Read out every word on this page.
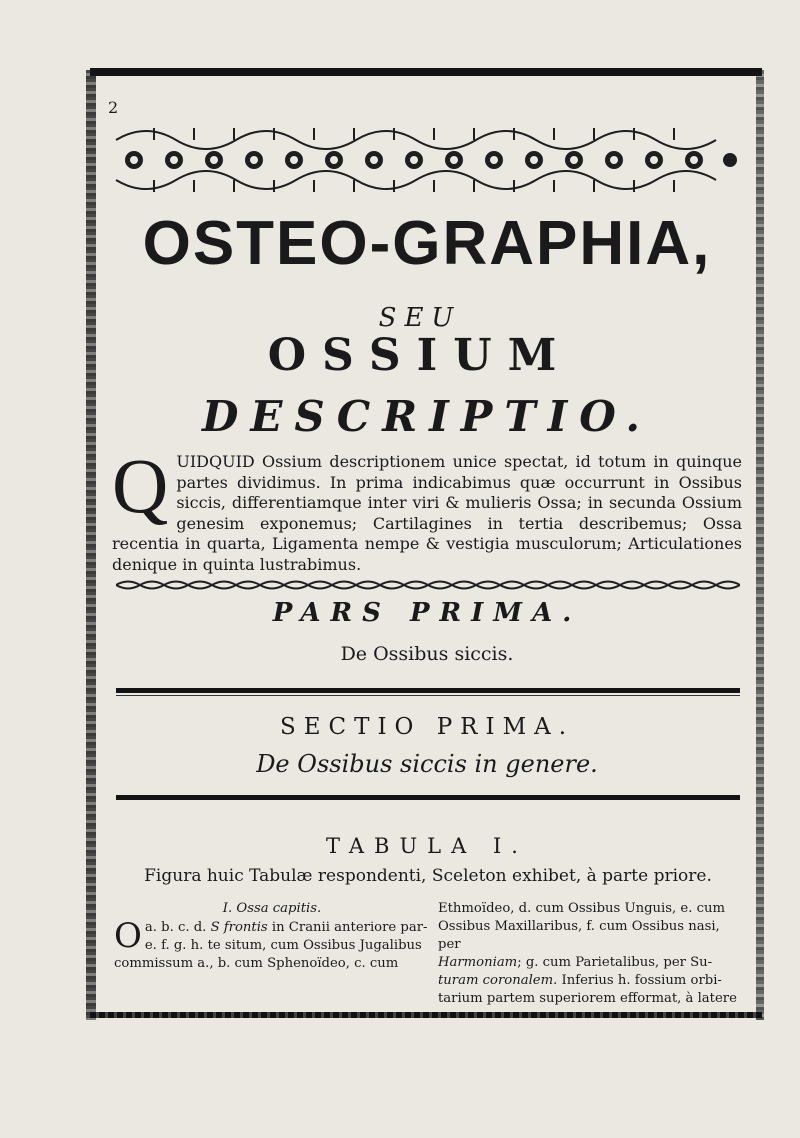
2
OSTEO-GRAPHIA,
SEU
OSSIUM
DESCRIPTIO.
Q UIDQUID Ossium descriptionem unice spectat, id totum in quinque partes dividimus. In prima indicabimus quæ occurrunt in Ossibus siccis, differentiamque inter viri & mulieris Ossa; in secunda Ossium genesim exponemus; Cartilagines in tertia describemus; Ossa recentia in quarta, Ligamenta nempe & vestigia musculorum; Articulationes denique in quinta lustrabimus.
PARS PRIMA.
De Ossibus siccis.
SECTIO PRIMA.
De Ossibus siccis in genere.
TABULA I.
Figura huic Tabulæ respondenti, Sceleton exhibet, à parte priore.
I. Ossa capitis.

a. b. c. d.
O	S frontis in Cranii anteriore par-

e. f. g. h. te situm, cum Ossibus Jugalibus

commissum a., b. cum Sphenoïdeo, c. cum

Ethmoïdeo, d. cum Ossibus Unguis, e. cum

Ossibus Maxillaribus, f. cum Ossibus nasi, per

Harmoniam; g. cum Parietalibus, per Su-

turam coronalem. Inferius h. fossium orbi-

tarium partem superiorem efformat, à latere
